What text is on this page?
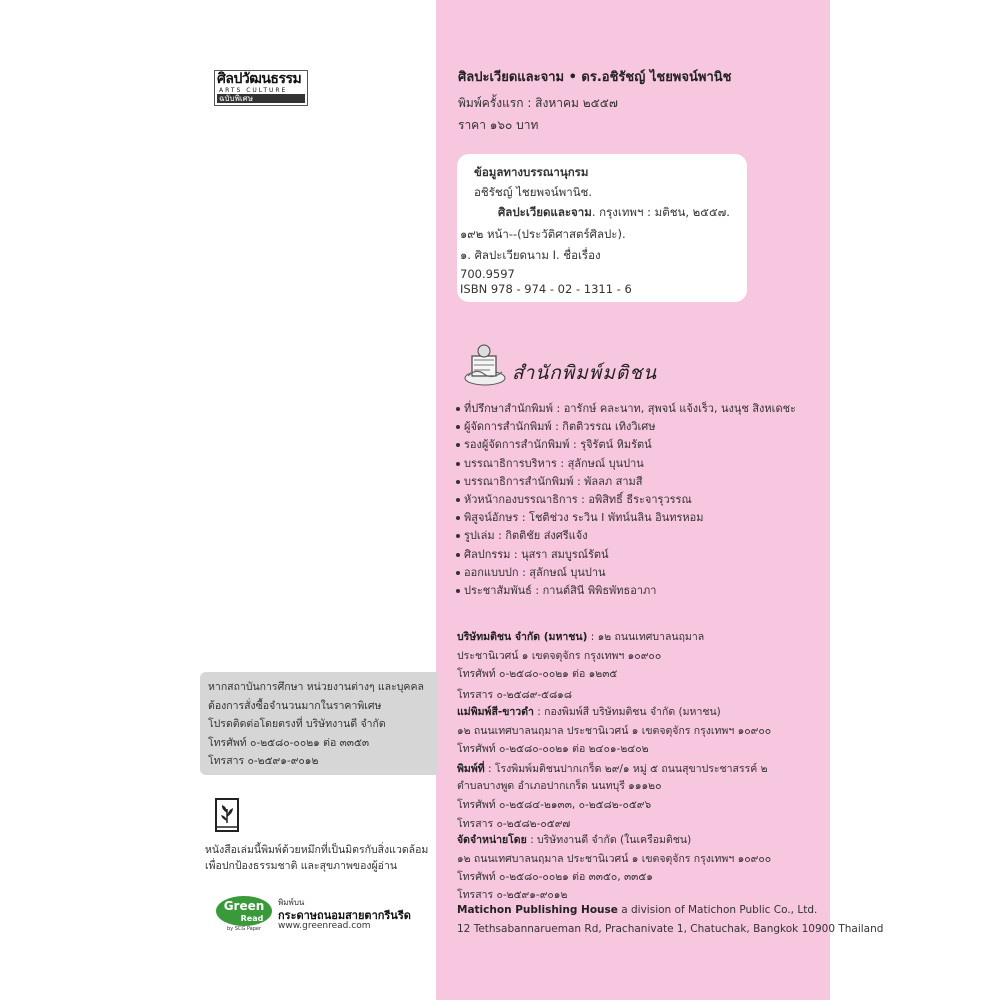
ศิลปวัฒนธรรม
ARTS CULTURE
ฉบับพิเศษ
ศิลปะเวียดและจาม • ดร.อชิรัชญ์ ไชยพจน์พานิช
พิมพ์ครั้งแรก : สิงหาคม ๒๕๕๗
ราคา ๑๖๐ บาท
ข้อมูลทางบรรณานุกรม
อชิรัชญ์ ไชยพจน์พานิช.
ศิลปะเวียดและจาม. กรุงเทพฯ : มติชน, ๒๕๕๗.
๑๙๒ หน้า--(ประวัติศาสตร์ศิลปะ).
๑. ศิลปะเวียดนาม I. ชื่อเรื่อง
700.9597
ISBN 978 - 974 - 02 - 1311 - 6
สำนักพิมพ์มติชน
ที่ปรึกษาสำนักพิมพ์ : อารักษ์ คละนาท, สุพจน์ แจ้งเร็ว, นงนุช สิงหเดชะ
ผู้จัดการสำนักพิมพ์ : กิตติวรรณ เทิงวิเศษ
รองผู้จัดการสำนักพิมพ์ : รุจิรัตน์ หิมรัตน์
บรรณาธิการบริหาร : สุลักษณ์ บุนปาน
บรรณาธิการสำนักพิมพ์ : พัลลภ สามสี
หัวหน้ากองบรรณาธิการ : อพิสิทธิ์ ธีระจารุวรรณ
พิสูจน์อักษร : โชติช่วง ระวิน I พัทน์นลิน อินทรหอม
รูปเล่ม : กิตติชัย ส่งศรีแจ้ง
ศิลปกรรม : นุสรา สมบูรณ์รัตน์
ออกแบบปก : สุลักษณ์ บุนปาน
ประชาสัมพันธ์ : กานต์สินี พิพิธพัทธอาภา
บริษัทมติชน จำกัด (มหาชน) : ๑๒ ถนนเทศบาลนฤมาล
ประชานิเวศน์ ๑ เขตจตุจักร กรุงเทพฯ ๑๐๙๐๐
โทรศัพท์ ๐-๒๕๘๐-๐๐๒๑ ต่อ ๑๒๓๕
โทรสาร ๐-๒๕๘๙-๕๘๑๘
แม่พิมพ์สี-ขาวดำ : กองพิมพ์สี บริษัทมติชน จำกัด (มหาชน)
๑๒ ถนนเทศบาลนฤมาล ประชานิเวศน์ ๑ เขตจตุจักร กรุงเทพฯ ๑๐๙๐๐
โทรศัพท์ ๐-๒๕๘๐-๐๐๒๑ ต่อ ๒๔๐๑-๒๔๐๒
พิมพ์ที่ : โรงพิมพ์มติชนปากเกร็ด ๒๙/๑ หมู่ ๕ ถนนสุขาประชาสรรค์ ๒
ตำบลบางพูด อำเภอปากเกร็ด นนทบุรี ๑๑๑๒๐
โทรศัพท์ ๐-๒๕๘๔-๒๑๓๓, ๐-๒๕๘๒-๐๕๙๖
โทรสาร ๐-๒๕๘๒-๐๕๙๗
จัดจำหน่ายโดย : บริษัทงานดี จำกัด (ในเครือมติชน)
๑๒ ถนนเทศบาลนฤมาล ประชานิเวศน์ ๑ เขตจตุจักร กรุงเทพฯ ๑๐๙๐๐
โทรศัพท์ ๐-๒๕๘๐-๐๐๒๑ ต่อ ๓๓๕๐, ๓๓๕๑
โทรสาร ๐-๒๕๙๑-๙๐๑๒
Matichon Publishing House a division of Matichon Public Co., Ltd.
12 Tethsabannarueman Rd, Prachanivate 1, Chatuchak, Bangkok 10900 Thailand
หากสถาบันการศึกษา หน่วยงานต่างๆ และบุคคล
ต้องการสั่งซื้อจำนวนมากในราคาพิเศษ
โปรดติดต่อโดยตรงที่ บริษัทงานดี จำกัด
โทรศัพท์ ๐-๒๕๘๐-๐๐๒๑ ต่อ ๓๓๕๓
โทรสาร ๐-๒๕๙๑-๙๐๑๒
หนังสือเล่มนี้พิมพ์ด้วยหมึกที่เป็นมิตรกับสิ่งแวดล้อม
เพื่อปกป้องธรรมชาติ และสุขภาพของผู้อ่าน
Green
Read
by SCG Paper
พิมพ์บน
กระดาษถนอมสายตากรีนรีด
www.greenread.com
